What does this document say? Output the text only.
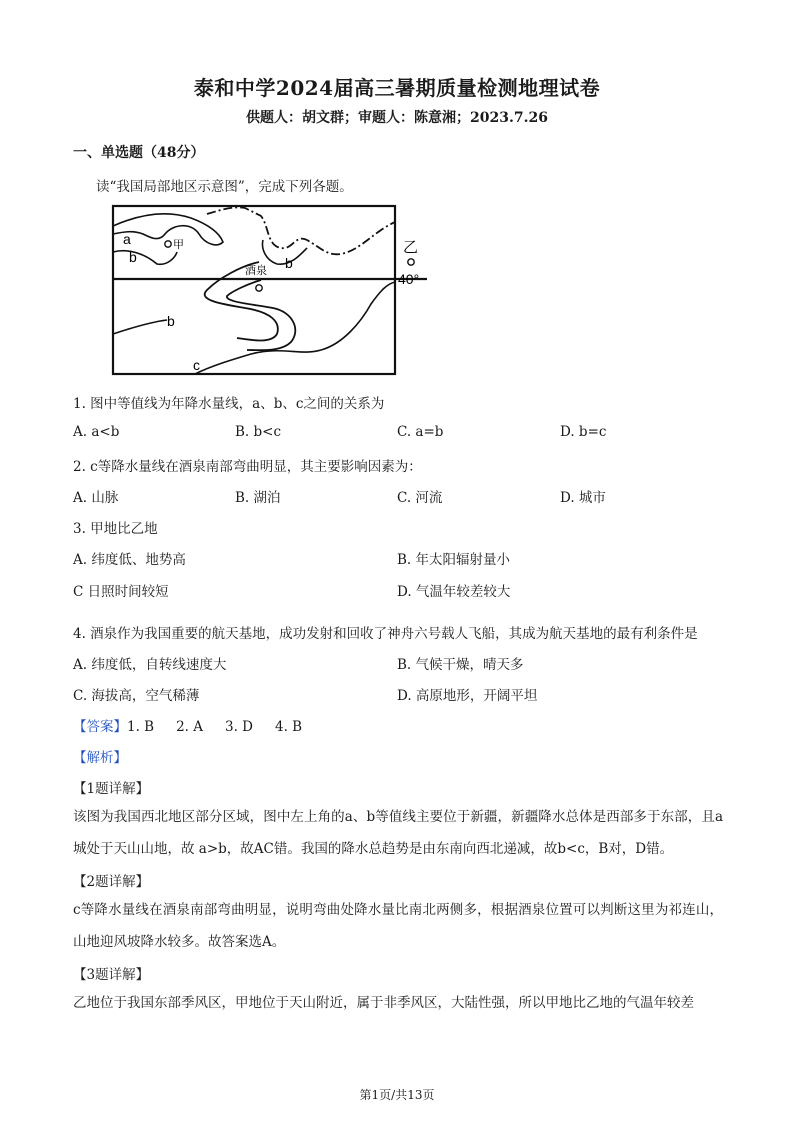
泰和中学2024届高三暑期质量检测地理试卷
供题人：胡文群；审题人：陈意湘；2023.7.26
一、单选题（48分）
读“我国局部地区示意图”，完成下列各题。
a	甲
b	b
乙
酒泉
40°
b
c
1. 图中等值线为年降水量线，a、b、c之间的关系为
A. a<b	B. b<c	C. a=b	D. b=c
2. c等降水量线在酒泉南部弯曲明显，其主要影响因素为：
A. 山脉	B. 湖泊	C. 河流	D. 城市
3. 甲地比乙地
A. 纬度低、地势高	B. 年太阳辐射量小
C 日照时间较短	D. 气温年较差较大
4. 酒泉作为我国重要的航天基地，成功发射和回收了神舟六号载人飞船，其成为航天基地的最有利条件是
A. 纬度低，自转线速度大	B. 气候干燥，晴天多
C. 海拔高，空气稀薄	D. 高原地形，开阔平坦
【答案】1. B 2. A 3. D 4. B
【解析】
【1题详解】
该图为我国西北地区部分区域，图中左上角的a、b等值线主要位于新疆，新疆降水总体是西部多于东部，且a 城处于天山山地，故 a>b，故AC错。我国的降水总趋势是由东南向西北递减，故b<c，B对，D错。
【2题详解】
c等降水量线在酒泉南部弯曲明显，说明弯曲处降水量比南北两侧多，根据酒泉位置可以判断这里为祁连山，山地迎风坡降水较多。故答案选A。
【3题详解】
乙地位于我国东部季风区，甲地位于天山附近，属于非季风区，大陆性强，所以甲地比乙地的气温年较差
第1页/共13页
